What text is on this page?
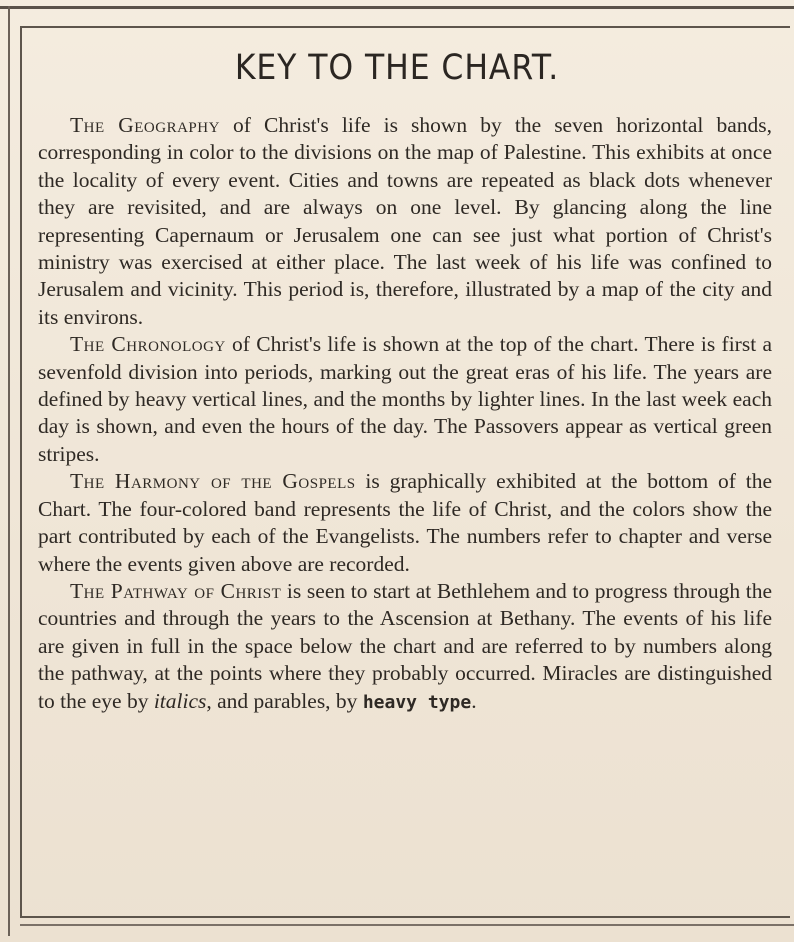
KEY TO THE CHART.

The Geography of Christ's life is shown by the seven horizontal bands, corresponding in color to the divisions on the map of Palestine. This exhibits at once the locality of every event. Cities and towns are repeated as black dots whenever they are revisited, and are always on one level. By glancing along the line representing Capernaum or Jerusalem one can see just what portion of Christ's ministry was exercised at either place. The last week of his life was confined to Jerusalem and vicinity. This period is, therefore, illustrated by a map of the city and its environs.

The Chronology of Christ's life is shown at the top of the chart. There is first a sevenfold division into periods, marking out the great eras of his life. The years are defined by heavy vertical lines, and the months by lighter lines. In the last week each day is shown, and even the hours of the day. The Passovers appear as vertical green stripes.

The Harmony of the Gospels is graphically exhibited at the bottom of the Chart. The four-colored band represents the life of Christ, and the colors show the part contributed by each of the Evangelists. The numbers refer to chapter and verse where the events given above are recorded.

The Pathway of Christ is seen to start at Bethlehem and to progress through the countries and through the years to the Ascension at Bethany. The events of his life are given in full in the space below the chart and are referred to by numbers along the pathway, at the points where they probably occurred. Miracles are distinguished to the eye by italics, and parables, by heavy type.
